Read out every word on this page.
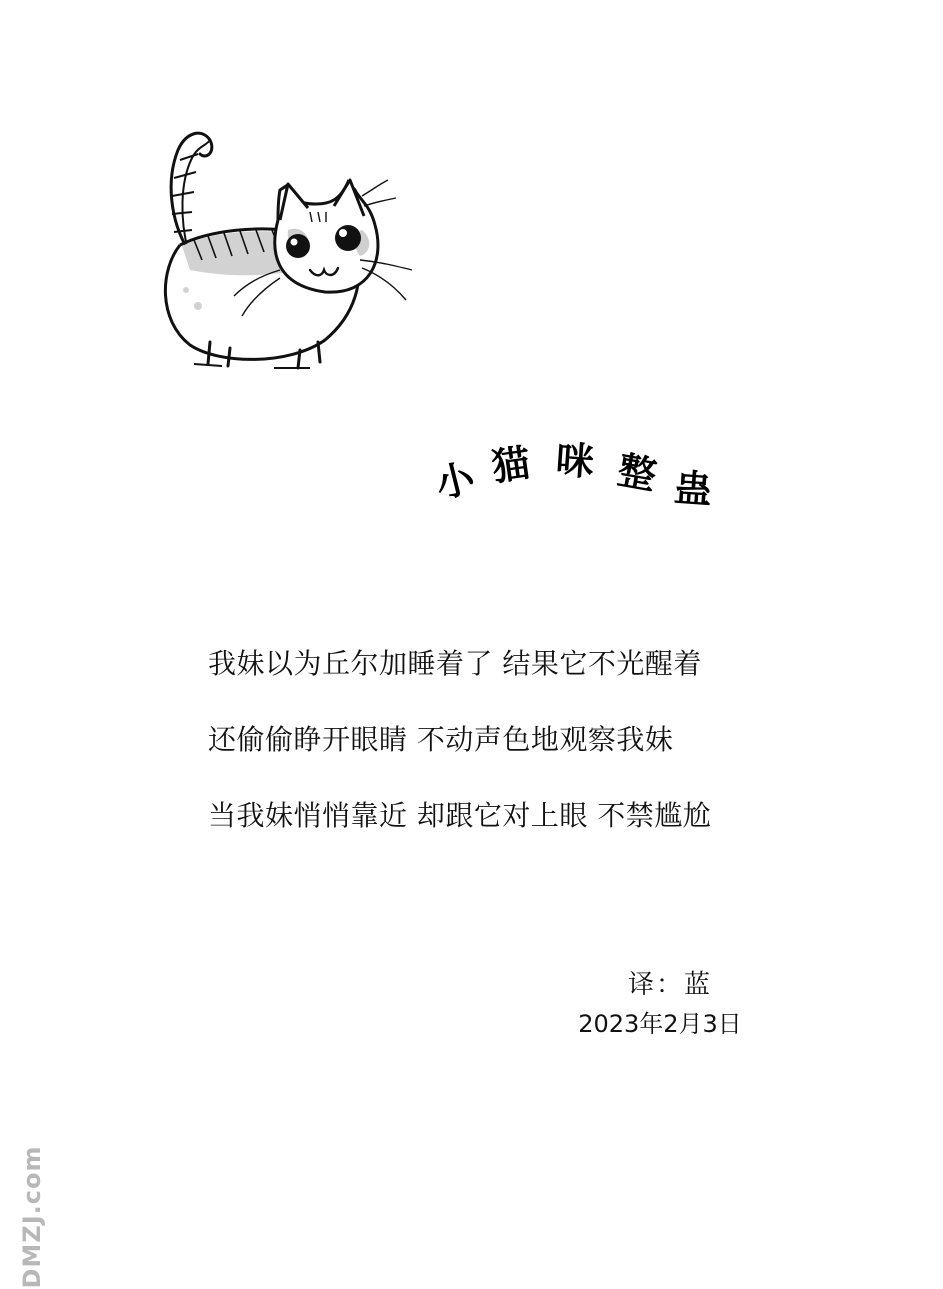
小 猫 咪 整 蛊

我妹以为丘尔加睡着了 结果它不光醒着

还偷偷睁开眼睛 不动声色地观察我妹

当我妹悄悄靠近 却跟它对上眼 不禁尴尬

译：蓝
2023年2月3日
DMZJ.com
